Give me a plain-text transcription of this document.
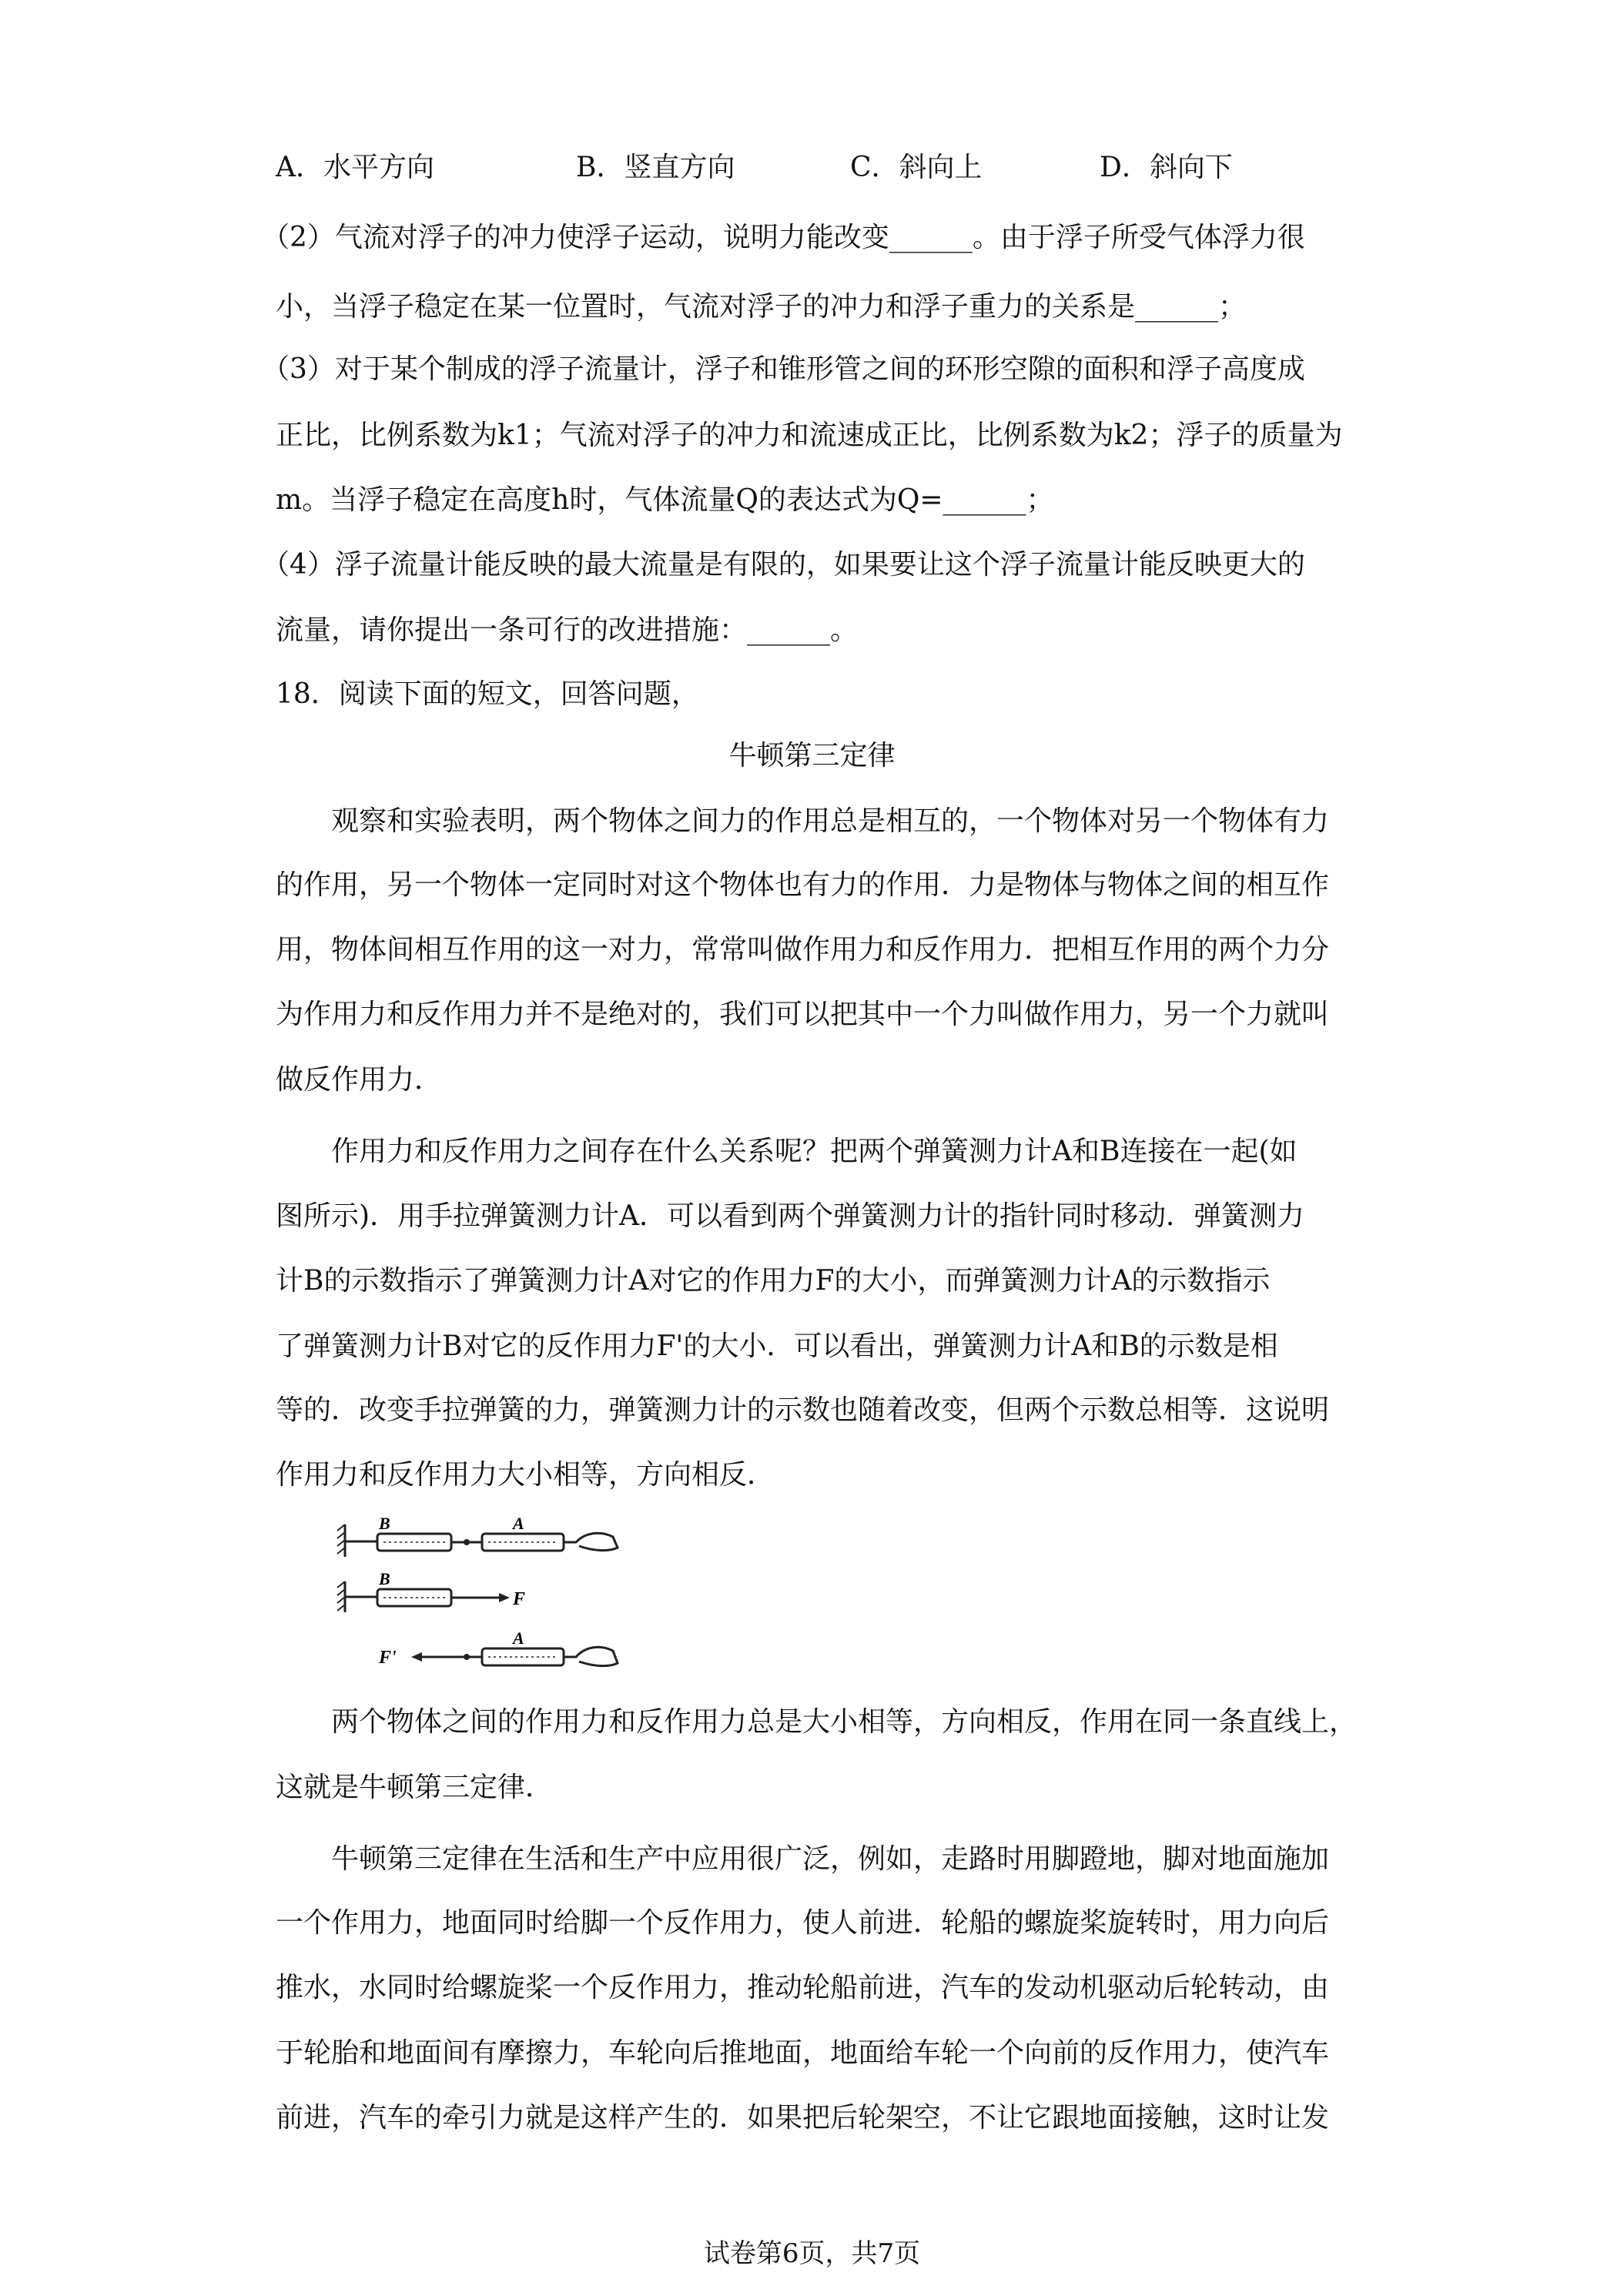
A．水平方向	B．竖直方向	C．斜向上	D．斜向下
（2）气流对浮子的冲力使浮子运动，说明力能改变______。由于浮子所受气体浮力很
小，当浮子稳定在某一位置时，气流对浮子的冲力和浮子重力的关系是______；
（3）对于某个制成的浮子流量计，浮子和锥形管之间的环形空隙的面积和浮子高度成
正比，比例系数为k1；气流对浮子的冲力和流速成正比，比例系数为k2；浮子的质量为
m。当浮子稳定在高度h时，气体流量Q的表达式为Q=______；
（4）浮子流量计能反映的最大流量是有限的，如果要让这个浮子流量计能反映更大的
流量，请你提出一条可行的改进措施：______。
18．阅读下面的短文，回答问题，
牛顿第三定律
观察和实验表明，两个物体之间力的作用总是相互的，一个物体对另一个物体有力
的作用，另一个物体一定同时对这个物体也有力的作用．力是物体与物体之间的相互作
用，物体间相互作用的这一对力，常常叫做作用力和反作用力．把相互作用的两个力分
为作用力和反作用力并不是绝对的，我们可以把其中一个力叫做作用力，另一个力就叫
做反作用力．
作用力和反作用力之间存在什么关系呢？把两个弹簧测力计A和B连接在一起(如
图所示)．用手拉弹簧测力计A．可以看到两个弹簧测力计的指针同时移动．弹簧测力
计B的示数指示了弹簧测力计A对它的作用力F的大小，而弹簧测力计A的示数指示
了弹簧测力计B对它的反作用力F'的大小．可以看出，弹簧测力计A和B的示数是相
等的．改变手拉弹簧的力，弹簧测力计的示数也随着改变，但两个示数总相等．这说明
作用力和反作用力大小相等，方向相反．
B	A
B
F
F'
A
两个物体之间的作用力和反作用力总是大小相等，方向相反，作用在同一条直线上，
这就是牛顿第三定律．
牛顿第三定律在生活和生产中应用很广泛，例如，走路时用脚蹬地，脚对地面施加
一个作用力，地面同时给脚一个反作用力，使人前进．轮船的螺旋桨旋转时，用力向后
推水，水同时给螺旋桨一个反作用力，推动轮船前进，汽车的发动机驱动后轮转动，由
于轮胎和地面间有摩擦力，车轮向后推地面，地面给车轮一个向前的反作用力，使汽车
前进，汽车的牵引力就是这样产生的．如果把后轮架空，不让它跟地面接触，这时让发
试卷第6页，共7页
